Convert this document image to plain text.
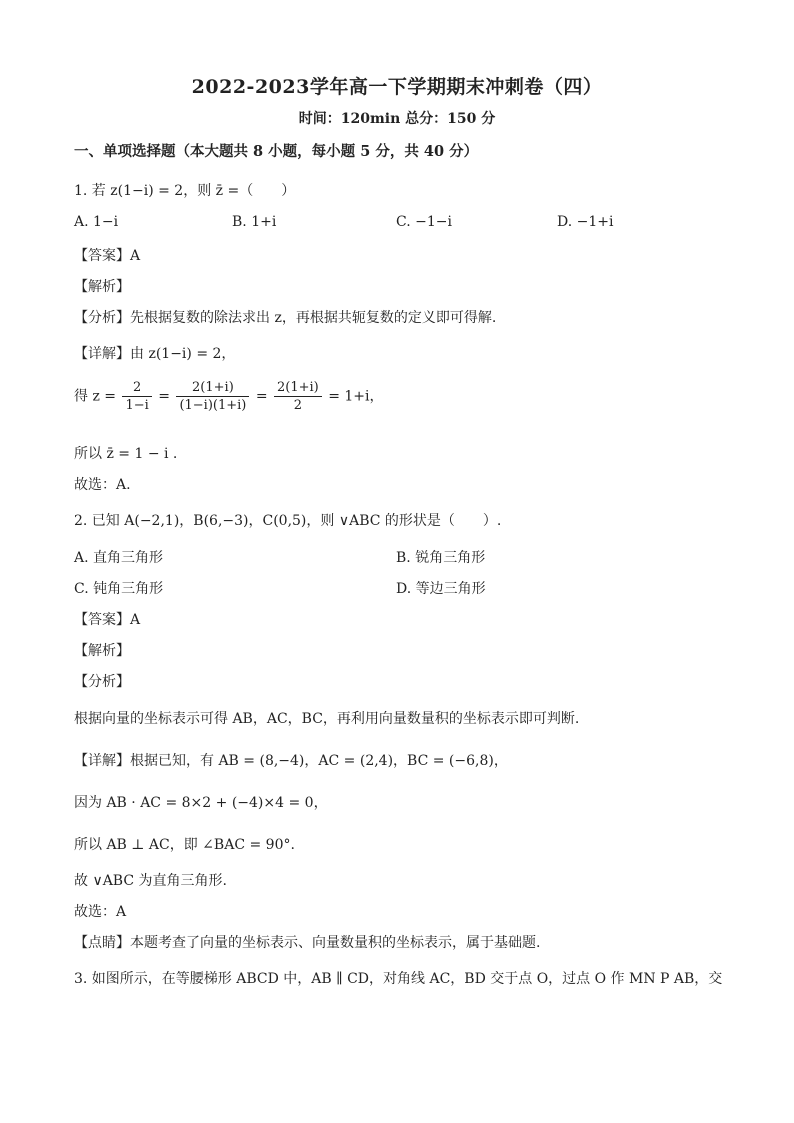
2022-2023学年高一下学期期末冲刺卷（四）
时间：120min 总分：150 分
一、单项选择题（本大题共 8 小题，每小题 5 分，共 40 分）
1. 若 z(1−i) = 2，则 z̄ =（　　）
A. 1−i	B. 1+i	C. −1−i	D. −1+i
【答案】A
【解析】
【分析】先根据复数的除法求出 z，再根据共轭复数的定义即可得解.
【详解】由 z(1−i) = 2，
得 $z = \frac{2}{1-i} = \frac{2(1+i)}{(1-i)(1+i)} = \frac{2(1+i)}{2} = 1+i$，
所以 z̄ = 1 − i .
故选：A.
2. 已知 A(−2,1)，B(6,−3)，C(0,5)，则 ∨ABC 的形状是（　　）.
A. 直角三角形	B. 锐角三角形
C. 钝角三角形	D. 等边三角形
【答案】A
【解析】
【分析】
根据向量的坐标表示可得 AB，AC，BC，再利用向量数量积的坐标表示即可判断.
【详解】根据已知，有 AB = (8,−4)，AC = (2,4)，BC = (−6,8)，
因为 AB · AC = 8×2 + (−4)×4 = 0，
所以 AB ⊥ AC，即 ∠BAC = 90°.
故 ∨ABC 为直角三角形.
故选：A
【点睛】本题考查了向量的坐标表示、向量数量积的坐标表示，属于基础题.
3. 如图所示，在等腰梯形 ABCD 中，AB ∥ CD，对角线 AC，BD 交于点 O，过点 O 作 MN P AB，交
